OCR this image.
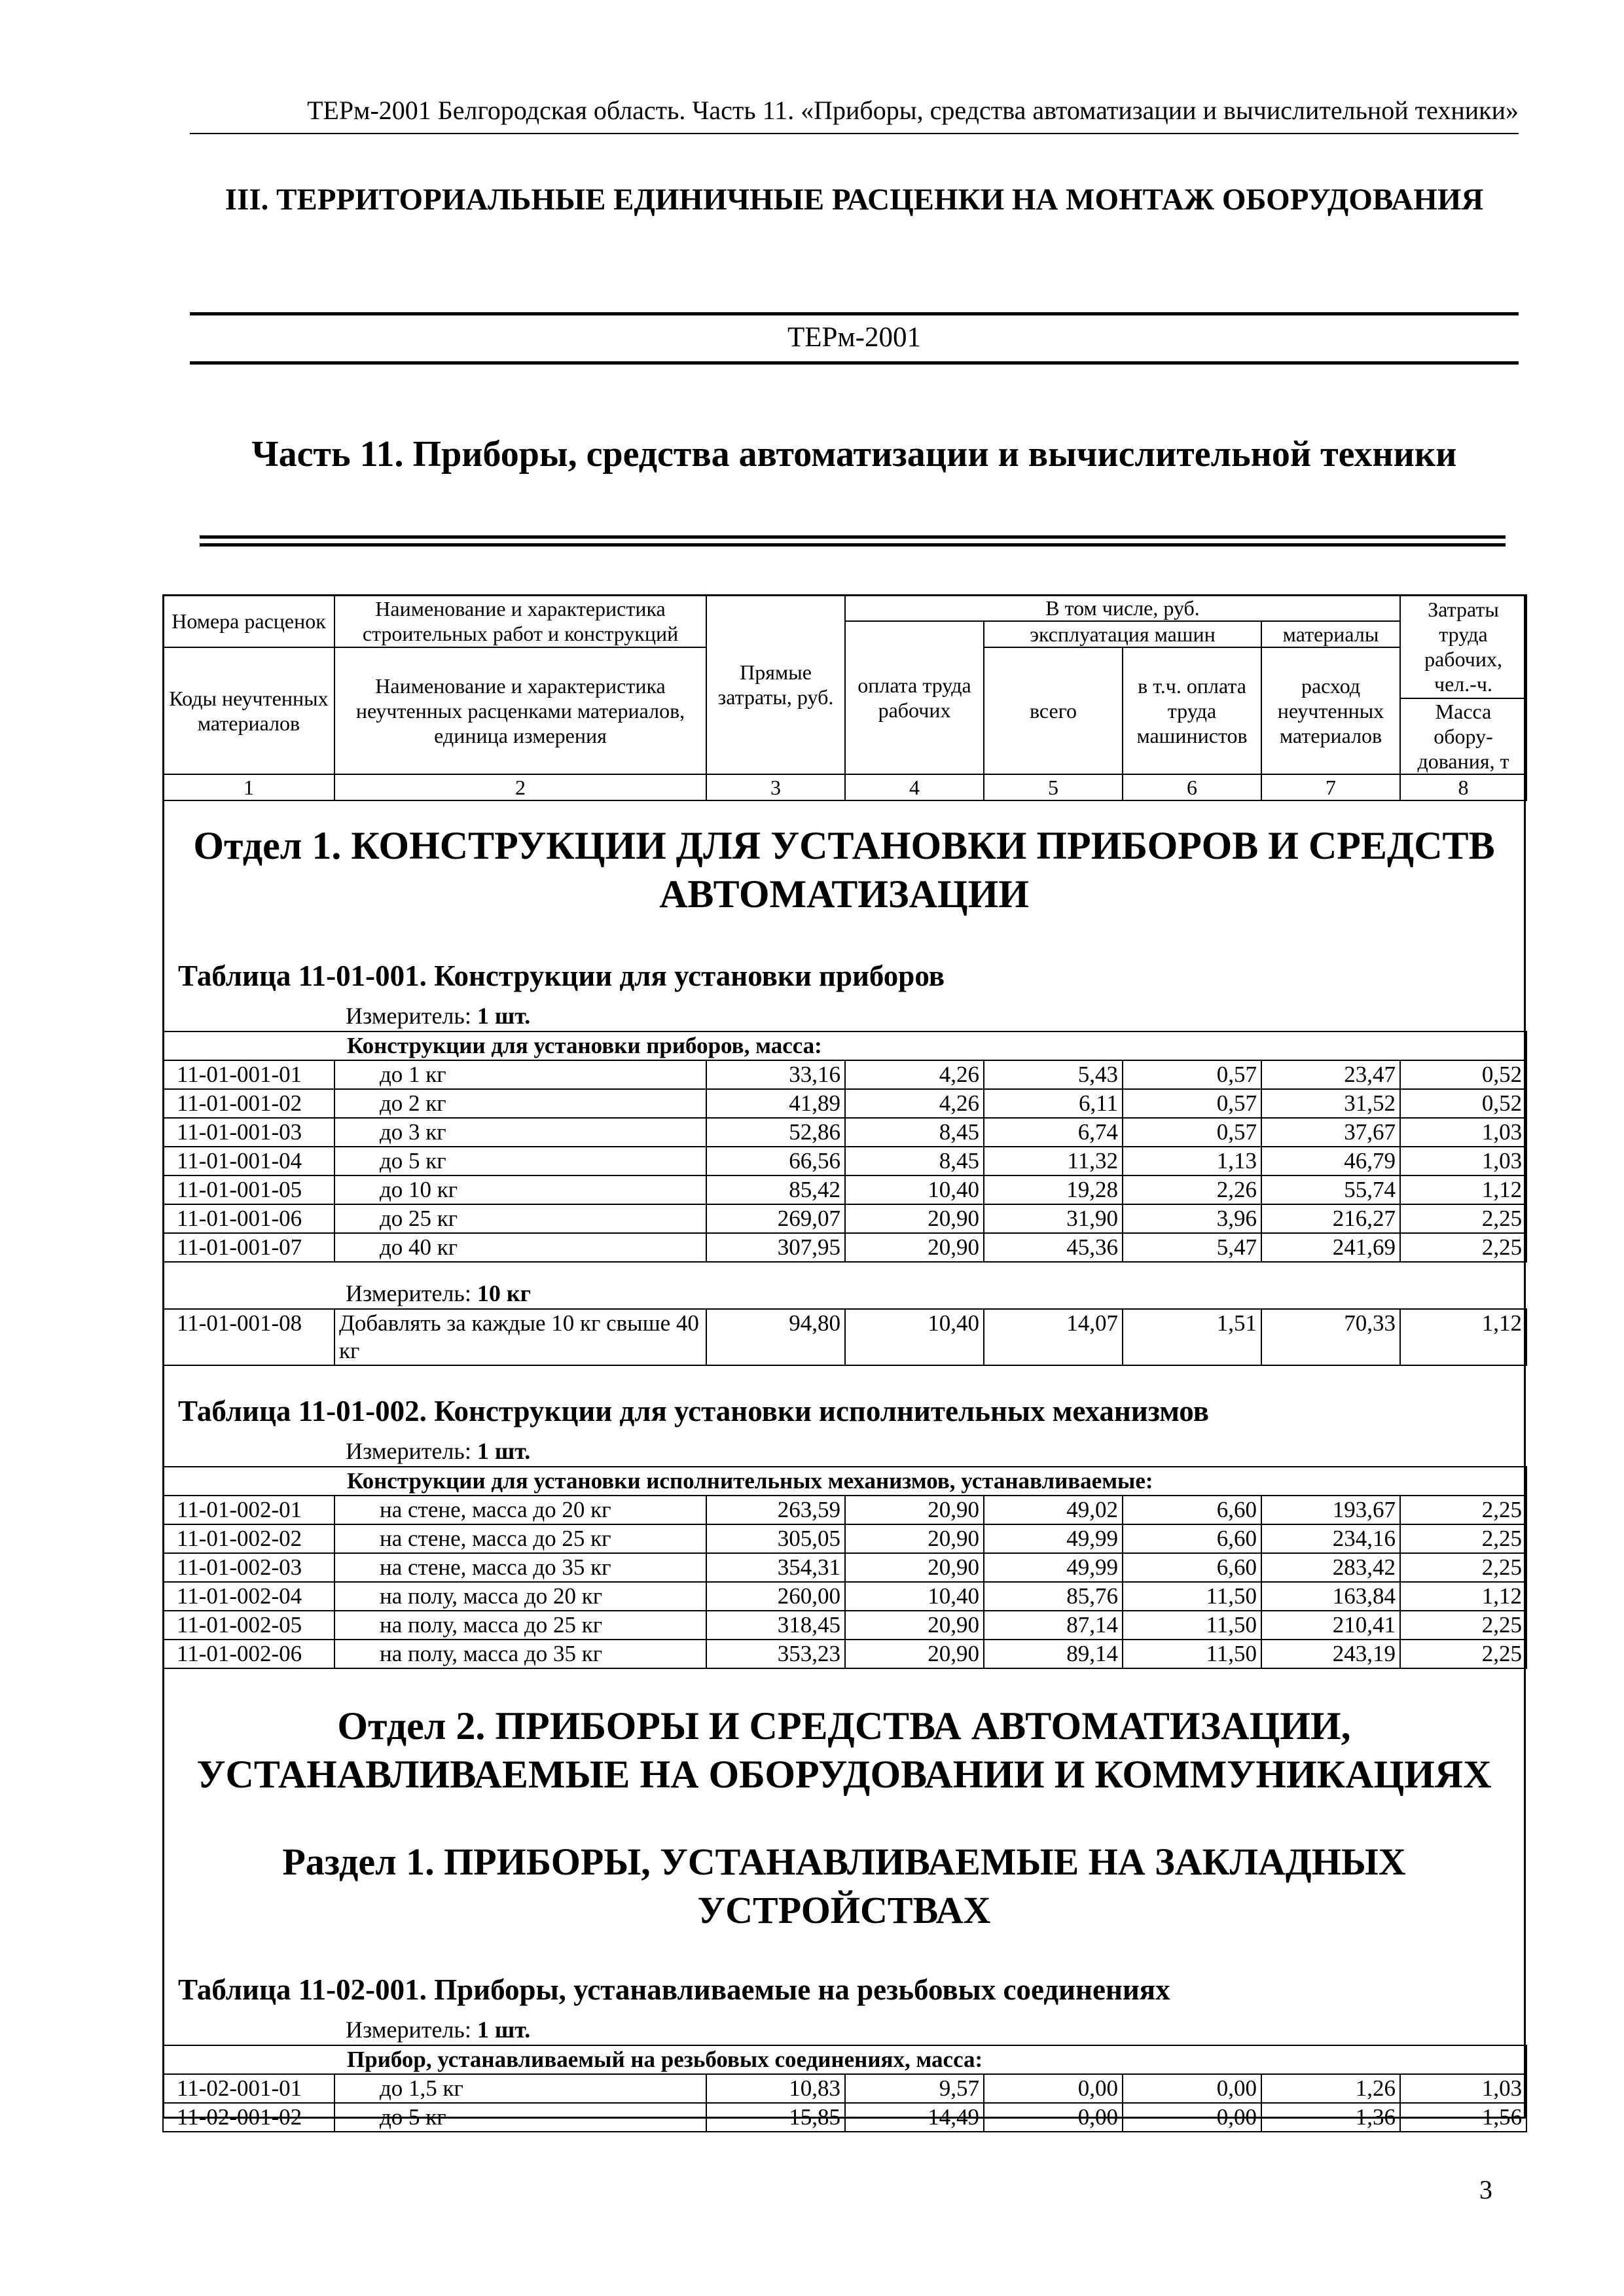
ТЕРм-2001 Белгородская область. Часть 11. «Приборы, средства автоматизации и вычислительной техники»
III. ТЕРРИТОРИАЛЬНЫЕ ЕДИНИЧНЫЕ РАСЦЕНКИ НА МОНТАЖ ОБОРУДОВАНИЯ
ТЕРм-2001
Часть 11. Приборы, средства автоматизации и вычислительной техники
Номера расценок	Наименование и характеристика строительных работ и конструкций	Прямые затраты, руб.	В том числе, руб.				Затраты труда рабочих, чел.-ч.
			оплата труда рабочих	эксплуатация машин		материалы	
Коды неучтенных материалов	Наименование и характеристика неучтенных расценками материалов, единица измерения			всего	в т.ч. оплата труда машинистов	расход неучтенных материалов	
							Масса обору-дования, т
1	2	3	4	5	6	7	8
Отдел 1. КОНСТРУКЦИИ ДЛЯ УСТАНОВКИ ПРИБОРОВ И СРЕДСТВ АВТОМАТИЗАЦИИ
Таблица 11-01-001. Конструкции для установки приборов
Измеритель: 1 шт.
Конструкции для установки приборов, масса:							
11-01-001-01	до 1 кг	33,16	4,26	5,43	0,57	23,47	0,52
11-01-001-02	до 2 кг	41,89	4,26	6,11	0,57	31,52	0,52
11-01-001-03	до 3 кг	52,86	8,45	6,74	0,57	37,67	1,03
11-01-001-04	до 5 кг	66,56	8,45	11,32	1,13	46,79	1,03
11-01-001-05	до 10 кг	85,42	10,40	19,28	2,26	55,74	1,12
11-01-001-06	до 25 кг	269,07	20,90	31,90	3,96	216,27	2,25
11-01-001-07	до 40 кг	307,95	20,90	45,36	5,47	241,69	2,25
Измеритель: 10 кг
11-01-001-08	Добавлять за каждые 10 кг свыше 40 кг	94,80	10,40	14,07	1,51	70,33	1,12
Таблица 11-01-002. Конструкции для установки исполнительных механизмов
Измеритель: 1 шт.
Конструкции для установки исполнительных механизмов, устанавливаемые:							
11-01-002-01	на стене, масса до 20 кг	263,59	20,90	49,02	6,60	193,67	2,25
11-01-002-02	на стене, масса до 25 кг	305,05	20,90	49,99	6,60	234,16	2,25
11-01-002-03	на стене, масса до 35 кг	354,31	20,90	49,99	6,60	283,42	2,25
11-01-002-04	на полу, масса до 20 кг	260,00	10,40	85,76	11,50	163,84	1,12
11-01-002-05	на полу, масса до 25 кг	318,45	20,90	87,14	11,50	210,41	2,25
11-01-002-06	на полу, масса до 35 кг	353,23	20,90	89,14	11,50	243,19	2,25
Отдел 2. ПРИБОРЫ И СРЕДСТВА АВТОМАТИЗАЦИИ, УСТАНАВЛИВАЕМЫЕ НА ОБОРУДОВАНИИ И КОММУНИКАЦИЯХ
Раздел 1. ПРИБОРЫ, УСТАНАВЛИВАЕМЫЕ НА ЗАКЛАДНЫХ УСТРОЙСТВАХ
Таблица 11-02-001. Приборы, устанавливаемые на резьбовых соединениях
Измеритель: 1 шт.
Прибор, устанавливаемый на резьбовых соединениях, масса:							
11-02-001-01	до 1,5 кг	10,83	9,57	0,00	0,00	1,26	1,03
11-02-001-02	до 5 кг	15,85	14,49	0,00	0,00	1,36	1,56
3
